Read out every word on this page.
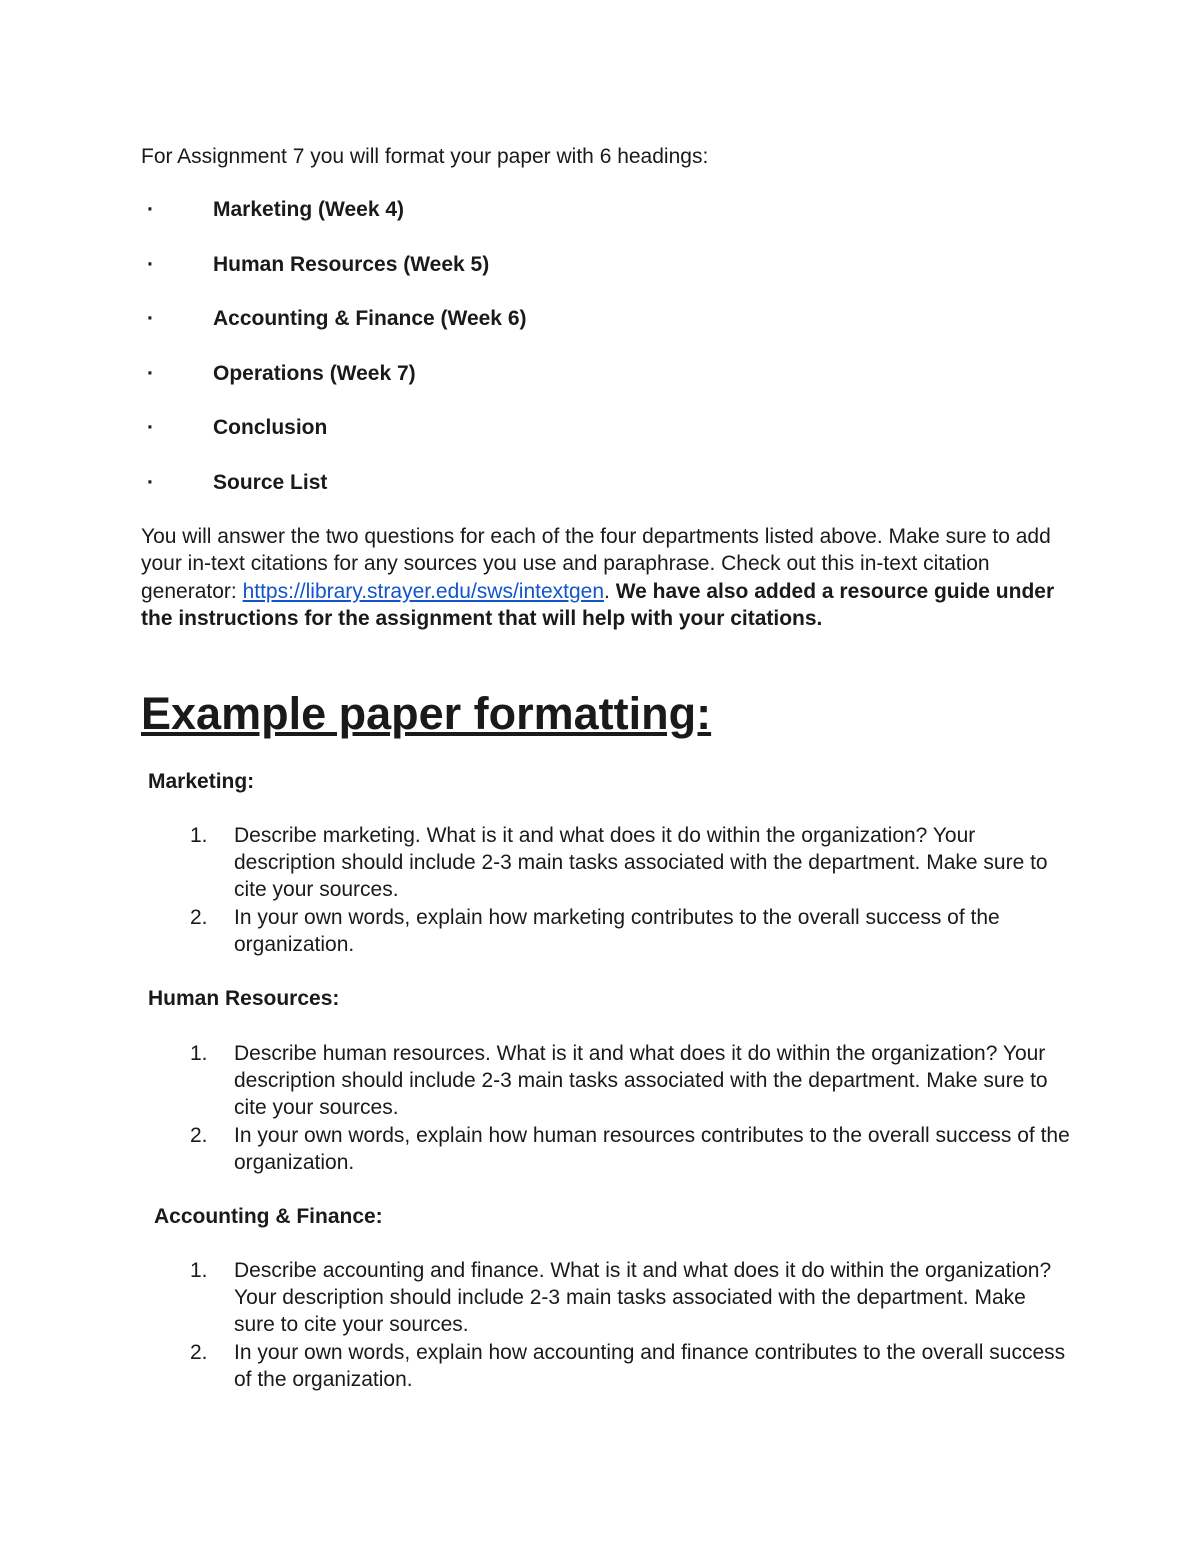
For Assignment 7 you will format your paper with 6 headings:

·	Marketing (Week 4)
·	Human Resources (Week 5)
·	Accounting & Finance (Week 6)
·	Operations (Week 7)
·	Conclusion
·	Source List

You will answer the two questions for each of the four departments listed above. Make sure to add your in-text citations for any sources you use and paraphrase. Check out this in-text citation generator: https://library.strayer.edu/sws/intextgen. We have also added a resource guide under the instructions for the assignment that will help with your citations.

Example paper formatting:

Marketing:

1.	Describe marketing. What is it and what does it do within the organization? Your description should include 2-3 main tasks associated with the department. Make sure to cite your sources.
2.	In your own words, explain how marketing contributes to the overall success of the organization.

Human Resources:

1.	Describe human resources. What is it and what does it do within the organization? Your description should include 2-3 main tasks associated with the department. Make sure to cite your sources.
2.	In your own words, explain how human resources contributes to the overall success of the organization.

Accounting & Finance:

1.	Describe accounting and finance. What is it and what does it do within the organization? Your description should include 2-3 main tasks associated with the department. Make sure to cite your sources.
2.	In your own words, explain how accounting and finance contributes to the overall success of the organization.
